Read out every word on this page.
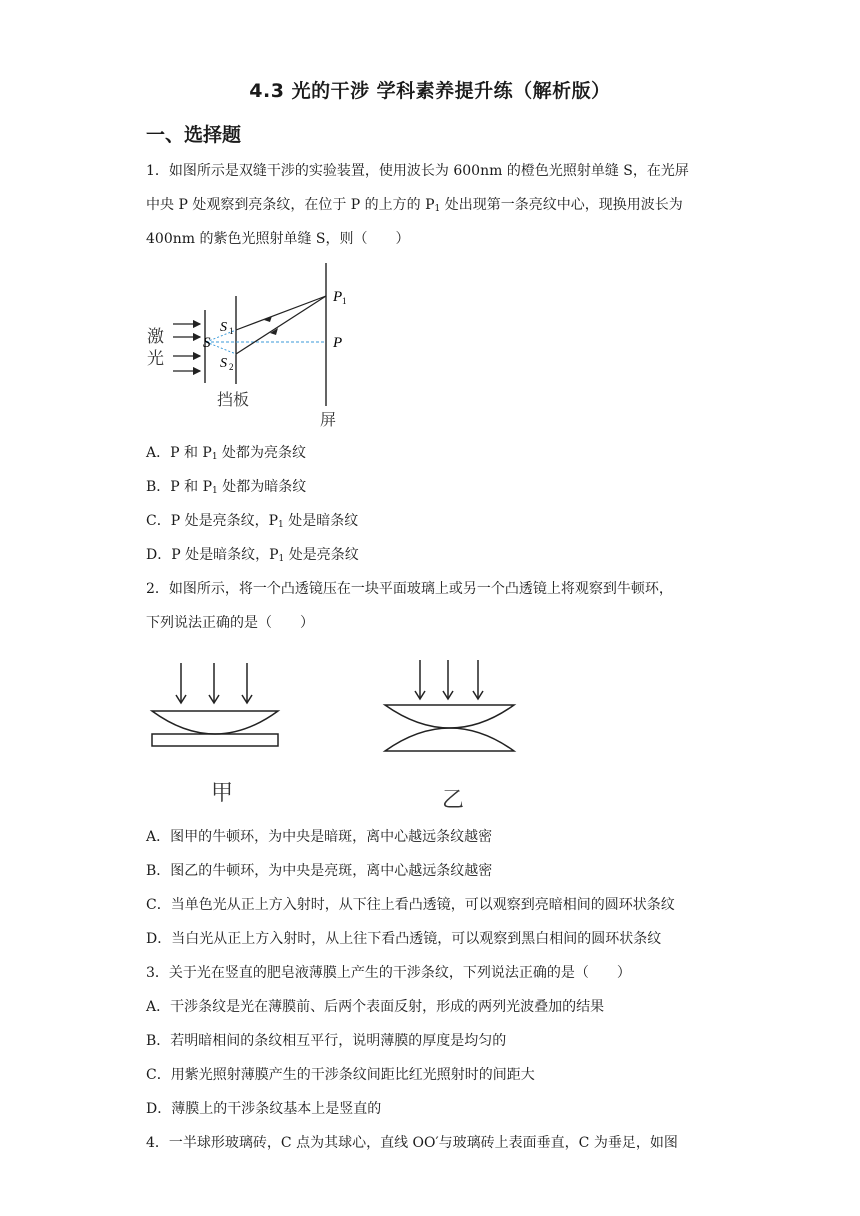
4.3 光的干涉 学科素养提升练（解析版）
一、选择题
1．如图所示是双缝干涉的实验装置，使用波长为 600nm 的橙色光照射单缝 S，在光屏
中央 P 处观察到亮条纹，在位于 P 的上方的 $P_1$ 处出现第一条亮纹中心，现换用波长为
400nm 的紫色光照射单缝 S，则（　　）
激
光
S
S 1
S 2
P 1
P
挡板
屏
A．P 和 $P_1$ 处都为亮条纹
B．P 和 $P_1$ 处都为暗条纹
C．P 处是亮条纹，$P_1$ 处是暗条纹
D．P 处是暗条纹，$P_1$ 处是亮条纹
2．如图所示，将一个凸透镜压在一块平面玻璃上或另一个凸透镜上将观察到牛顿环，
下列说法正确的是（　　）
甲	乙
A．图甲的牛顿环，为中央是暗斑，离中心越远条纹越密
B．图乙的牛顿环，为中央是亮斑，离中心越远条纹越密
C．当单色光从正上方入射时，从下往上看凸透镜，可以观察到亮暗相间的圆环状条纹
D．当白光从正上方入射时，从上往下看凸透镜，可以观察到黑白相间的圆环状条纹
3．关于光在竖直的肥皂液薄膜上产生的干涉条纹，下列说法正确的是（　　）
A．干涉条纹是光在薄膜前、后两个表面反射，形成的两列光波叠加的结果
B．若明暗相间的条纹相互平行，说明薄膜的厚度是均匀的
C．用紫光照射薄膜产生的干涉条纹间距比红光照射时的间距大
D．薄膜上的干涉条纹基本上是竖直的
4．一半球形玻璃砖，C 点为其球心，直线 OO′与玻璃砖上表面垂直，C 为垂足，如图
